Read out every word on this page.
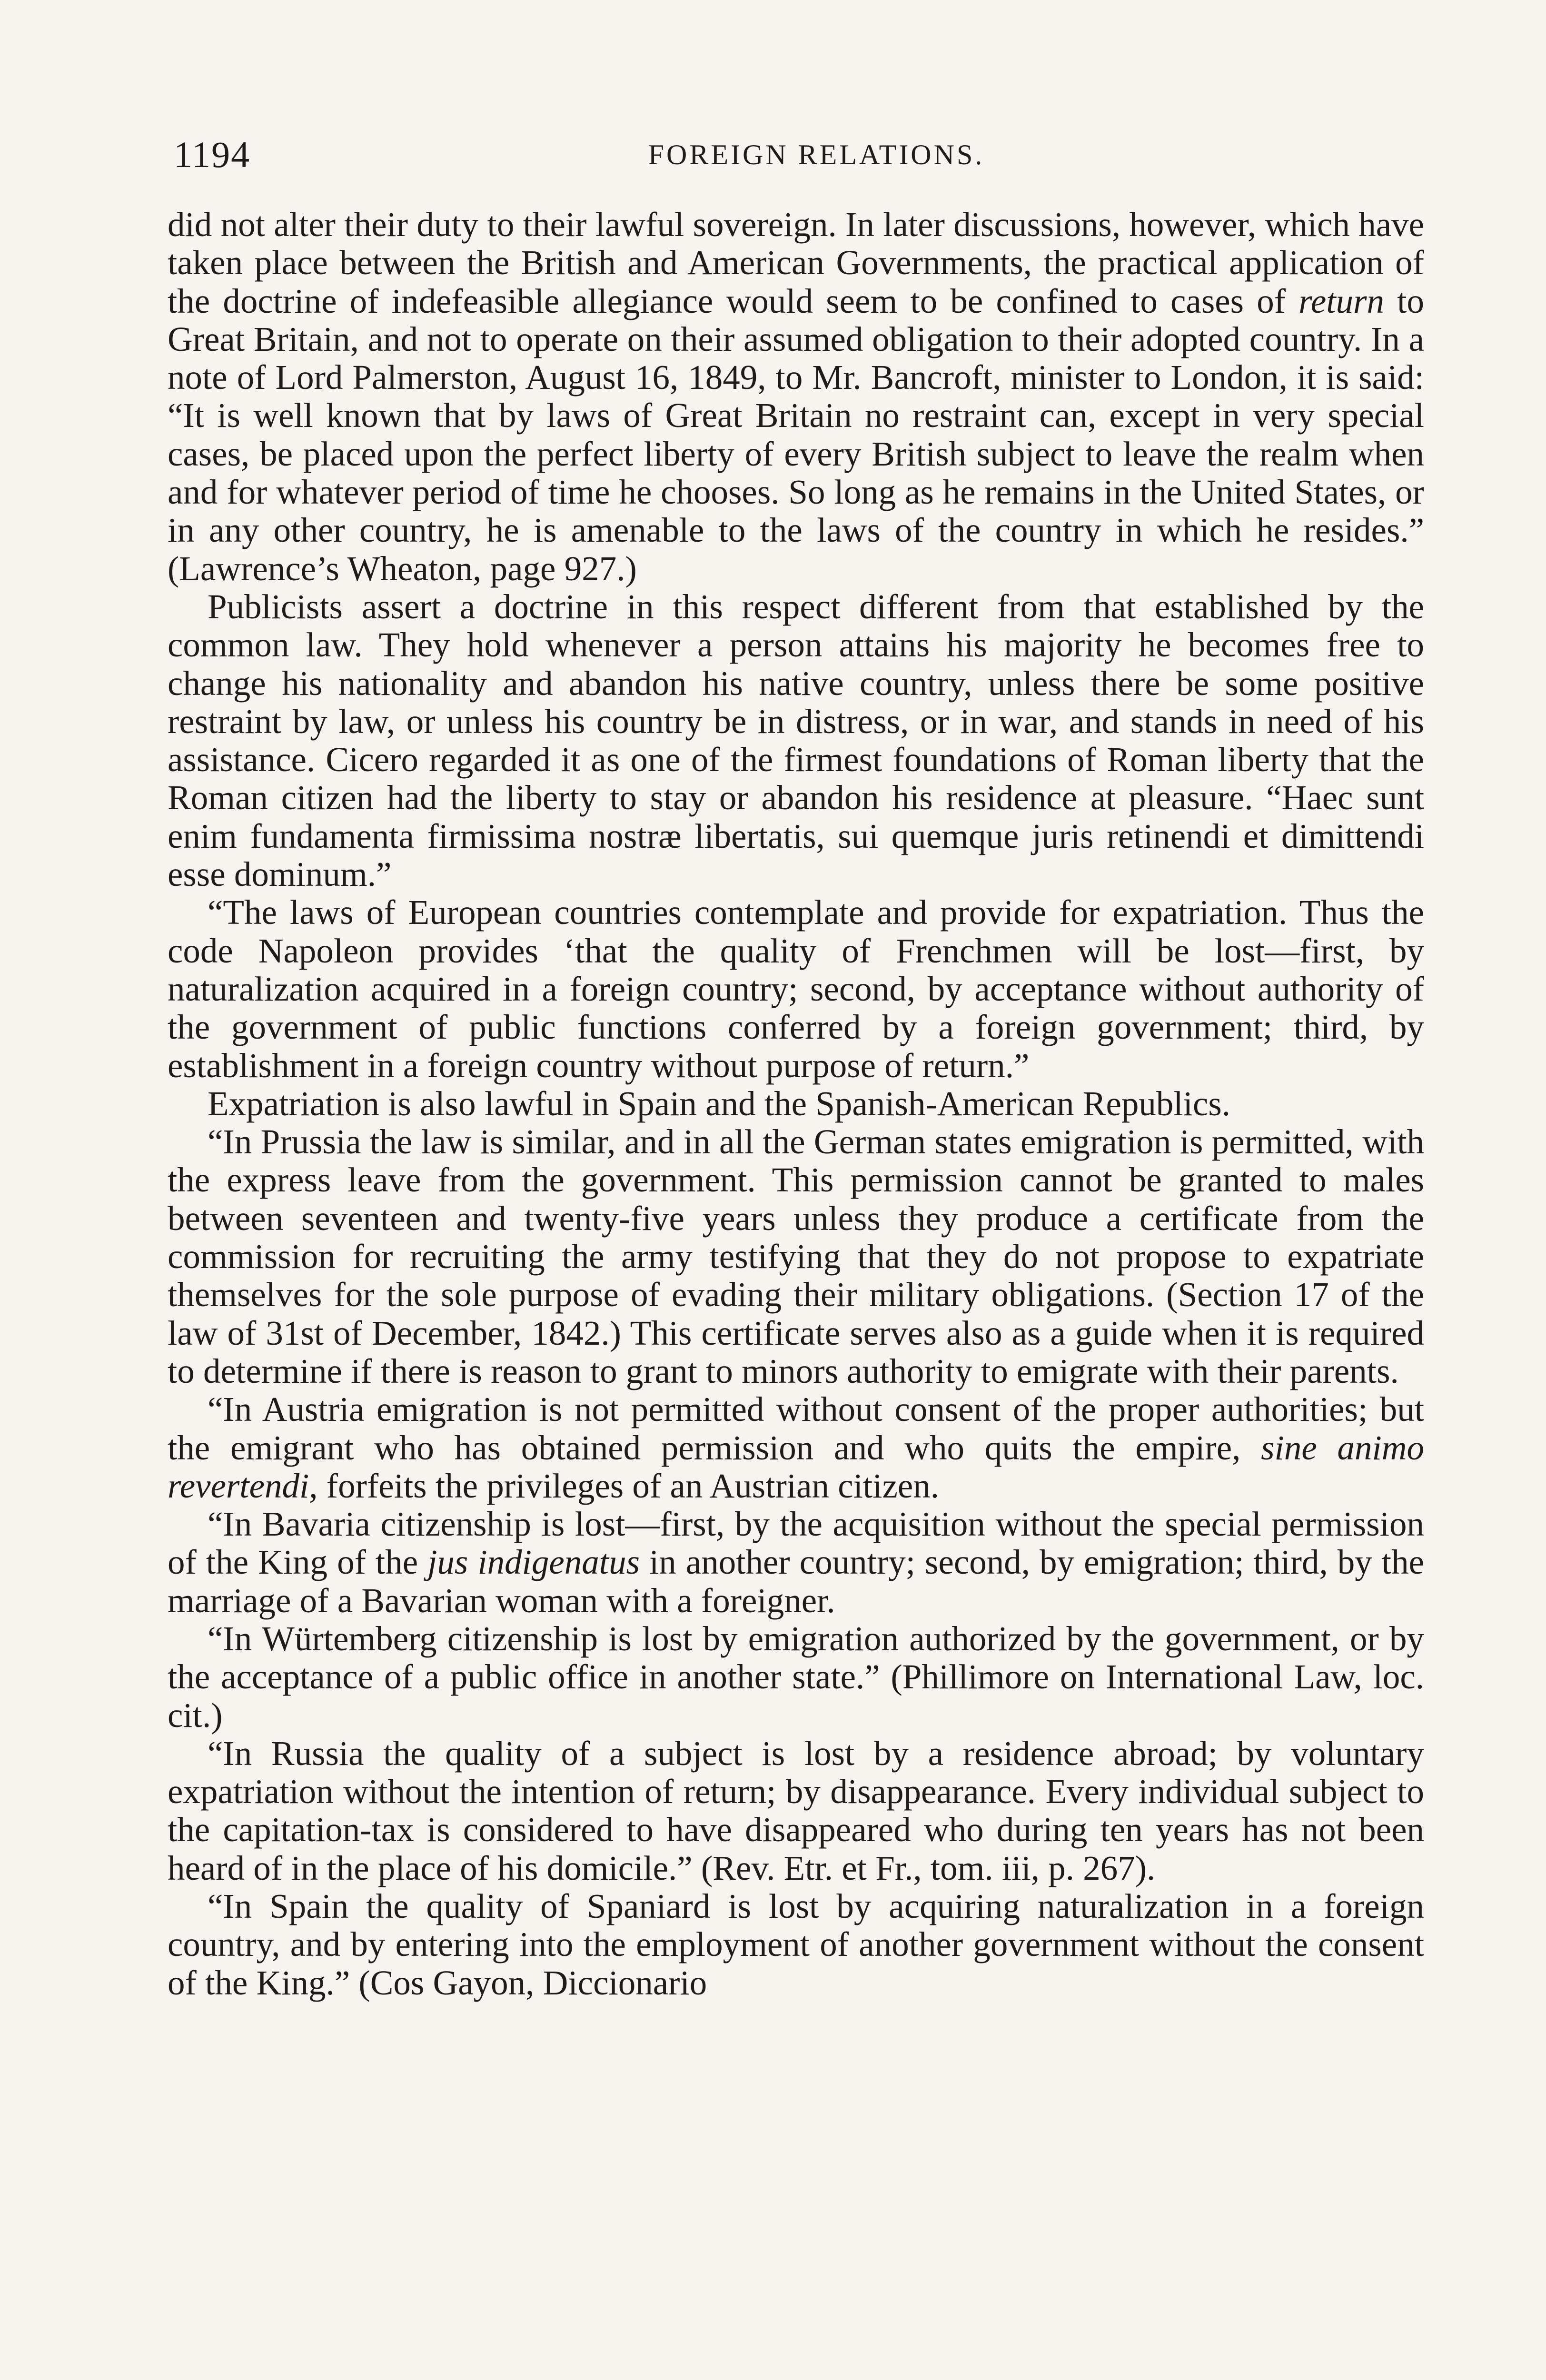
1194	FOREIGN RELATIONS.

did not alter their duty to their lawful sovereign. In later discussions, however, which have taken place between the British and American Governments, the practical application of the doctrine of indefeasible allegiance would seem to be confined to cases of return to Great Britain, and not to operate on their assumed obligation to their adopted country. In a note of Lord Palmerston, August 16, 1849, to Mr. Bancroft, minister to London, it is said: “It is well known that by laws of Great Britain no restraint can, except in very special cases, be placed upon the perfect liberty of every British subject to leave the realm when and for whatever period of time he chooses. So long as he remains in the United States, or in any other country, he is amenable to the laws of the country in which he resides.” (Lawrence’s Wheaton, page 927.)

Publicists assert a doctrine in this respect different from that established by the common law. They hold whenever a person attains his majority he becomes free to change his nationality and abandon his native country, unless there be some positive restraint by law, or unless his country be in distress, or in war, and stands in need of his assistance. Cicero regarded it as one of the firmest foundations of Roman liberty that the Roman citizen had the liberty to stay or abandon his residence at pleasure. “Haec sunt enim fundamenta firmissima nostræ libertatis, sui quemque juris retinendi et dimittendi esse dominum.”

“The laws of European countries contemplate and provide for expatriation. Thus the code Napoleon provides ‘that the quality of Frenchmen will be lost—first, by naturalization acquired in a foreign country; second, by acceptance without authority of the government of public functions conferred by a foreign government; third, by establishment in a foreign country without purpose of return.”

Expatriation is also lawful in Spain and the Spanish-American Republics.

“In Prussia the law is similar, and in all the German states emigration is permitted, with the express leave from the government. This permission cannot be granted to males between seventeen and twenty-five years unless they produce a certificate from the commission for recruiting the army testifying that they do not propose to expatriate themselves for the sole purpose of evading their military obligations. (Section 17 of the law of 31st of December, 1842.) This certificate serves also as a guide when it is required to determine if there is reason to grant to minors authority to emigrate with their parents.

“In Austria emigration is not permitted without consent of the proper authorities; but the emigrant who has obtained permission and who quits the empire, sine animo revertendi, forfeits the privileges of an Austrian citizen.

“In Bavaria citizenship is lost—first, by the acquisition without the special permission of the King of the jus indigenatus in another country; second, by emigration; third, by the marriage of a Bavarian woman with a foreigner.

“In Würtemberg citizenship is lost by emigration authorized by the government, or by the acceptance of a public office in another state.” (Phillimore on International Law, loc. cit.)

“In Russia the quality of a subject is lost by a residence abroad; by voluntary expatriation without the intention of return; by disappearance. Every individual subject to the capitation-tax is considered to have disappeared who during ten years has not been heard of in the place of his domicile.” (Rev. Etr. et Fr., tom. iii, p. 267).

“In Spain the quality of Spaniard is lost by acquiring naturalization in a foreign country, and by entering into the employment of another government without the consent of the King.” (Cos Gayon, Diccionario
